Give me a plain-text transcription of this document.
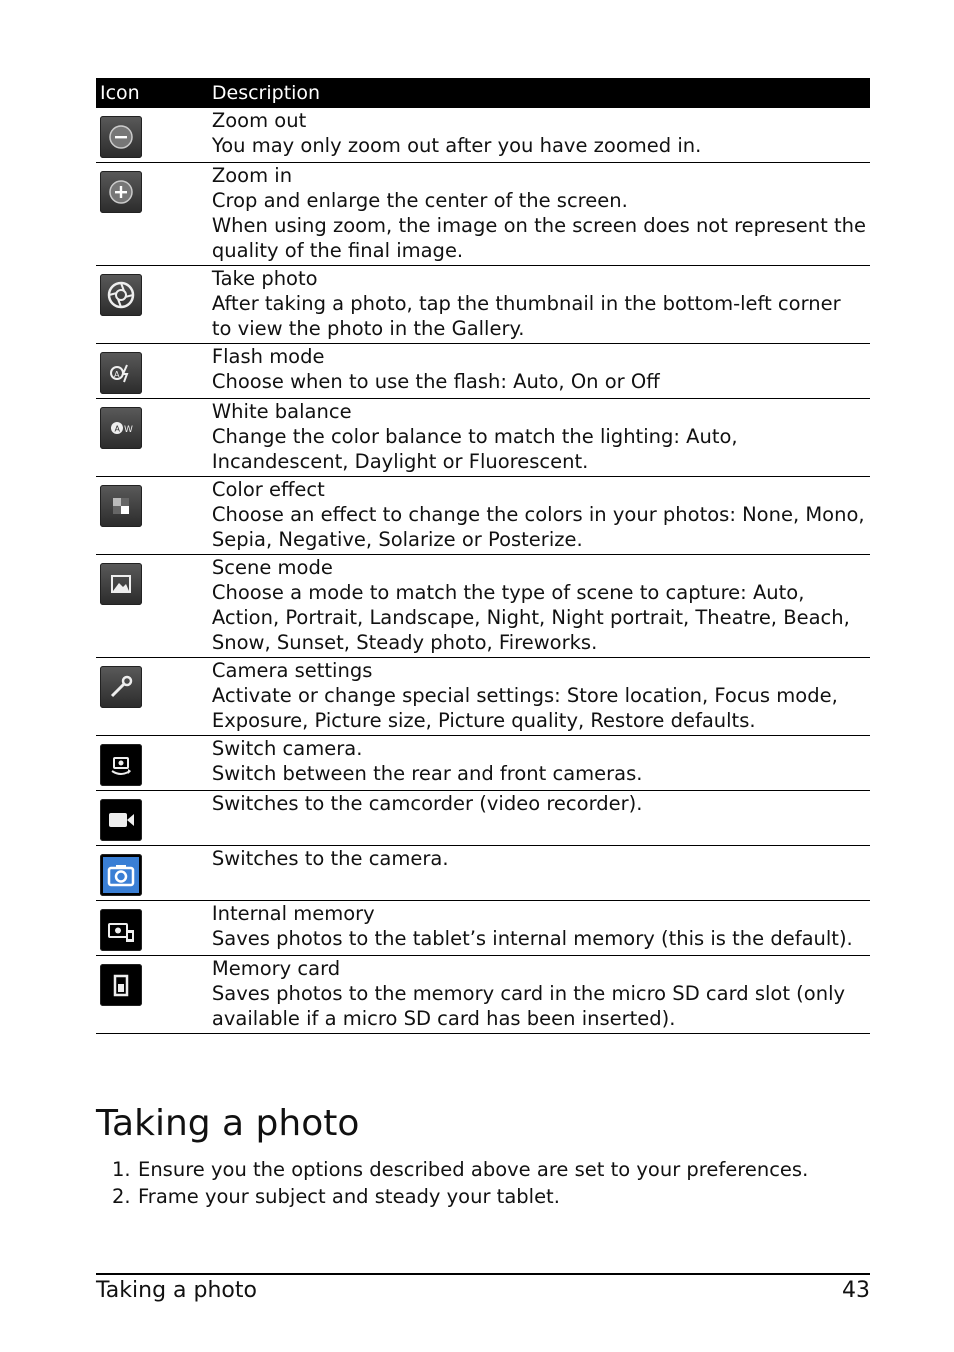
Icon	Description

Zoom out
You may only zoom out after you have zoomed in.

Zoom in
Crop and enlarge the center of the screen.
When using zoom, the image on the screen does not represent the
quality of the final image.

Take photo
After taking a photo, tap the thumbnail in the bottom-left corner
to view the photo in the Gallery.

A	Flash mode
Choose when to use the flash: Auto, On or Off

A W	White balance
Change the color balance to match the lighting: Auto,
Incandescent, Daylight or Fluorescent.

Color effect
Choose an effect to change the colors in your photos: None, Mono,
Sepia, Negative, Solarize or Posterize.

Scene mode
Choose a mode to match the type of scene to capture: Auto,
Action, Portrait, Landscape, Night, Night portrait, Theatre, Beach,
Snow, Sunset, Steady photo, Fireworks.

Camera settings
Activate or change special settings: Store location, Focus mode,
Exposure, Picture size, Picture quality, Restore defaults.

Switch camera.
Switch between the rear and front cameras.

Switches to the camcorder (video recorder).

Switches to the camera.

Internal memory
Saves photos to the tablet’s internal memory (this is the default).

Memory card
Saves photos to the memory card in the micro SD card slot (only
available if a micro SD card has been inserted).
Taking a photo
1. Ensure you the options described above are set to your preferences.
2. Frame your subject and steady your tablet.
Taking a photo	43
